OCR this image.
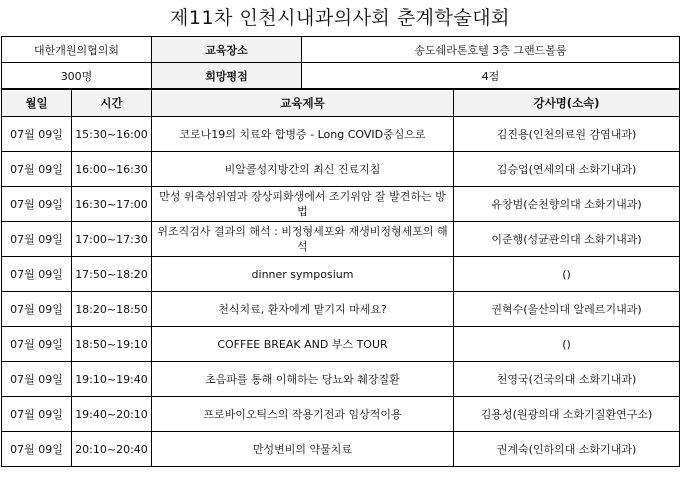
제11차 인천시내과의사회 춘계학술대회
대한개원의협의회	교육장소	송도쉐라톤호텔 3층 그랜드볼룸
300명	희망평점	4점
월일	시간	교육제목	강사명(소속)
07월 09일	15:30~16:00	코로나19의 치료와 합병증 - Long COVID중심으로	김진용(인천의료원 감염내과)
07월 09일	16:00~16:30	비알콜성지방간의 최신 진료지침	김승업(연세의대 소화기내과)
07월 09일	16:30~17:00	만성 위축성위염과 장상피화생에서 조기위암 잘 발견하는 방법	유창범(순천향의대 소화기내과)
07월 09일	17:00~17:30	위조직검사 결과의 해석 : 비정형세포와 재생비정형세포의 해석	이준행(성균관의대 소화기내과)
07월 09일	17:50~18:20	dinner symposium	()
07월 09일	18:20~18:50	천식치료, 환자에게 맡기지 마세요?	권혁수(울산의대 알레르기내과)
07월 09일	18:50~19:10	COFFEE BREAK AND 부스 TOUR	()
07월 09일	19:10~19:40	초음파를 통해 이해하는 당뇨와 췌장질환	천영국(건국의대 소화기내과)
07월 09일	19:40~20:10	프로바이오틱스의 작용기전과 임상적이용	김용성(원광의대 소화기질환연구소)
07월 09일	20:10~20:40	만성변비의 약물치료	권계숙(인하의대 소화기내과)
